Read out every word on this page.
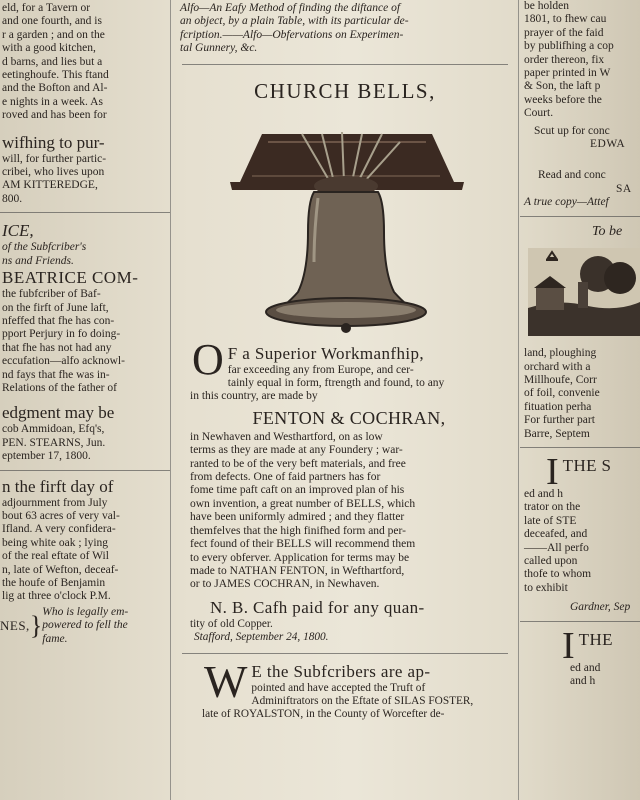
eld, for a Tavern or
and one fourth, and is
r a garden ; and on the
with a good kitchen,
d barns, and lies but a
eetinghoufe. This ftand
and the Bofton and Al-
e nights in a week. As
roved and has been for
wifhing to pur-
will, for further partic-
cribei, who lives upon
AM KITTEREDGE,
800.
ICE,
of the Subfcriber's
ns and Friends.
BEATRICE COM-
the fubfcriber of Baf-
on the firft of June laft,
nfeffed that fhe has con-
pport Perjury in fo doing-
that fhe has not had any
eccufation—alfo acknowl-
nd fays that fhe was in-
Relations of the father of
edgment may be
cob Ammidoan, Efq's,
PEN. STEARNS, Jun.
eptember 17, 1800.
n the firft day of
adjournment from July
bout 63 acres of very val-
Ifland. A very confidera-
being white oak ; lying
of the real eftate of Wil
n, late of Wefton, deceaf-
the houfe of Benjamin
lig at three o'clock P.M.
NES, } Who is legally em-
powered to fell the
fame.
Alfo—An Eafy Method of finding the diftance of
an object, by a plain Table, with its particular de-
fcription.——Alfo—Obfervations on Experimen-
tal Gunnery, &c.
CHURCH BELLS,
O F a Superior Workmanfhip,
far exceeding any from Europe, and cer-
tainly equal in form, ftrength and found, to any
in this country, are made by
FENTON & COCHRAN,
in Newhaven and Westhartford, on as low
terms as they are made at any Foundery ; war-
ranted to be of the very beft materials, and free
from defects. One of faid partners has for
fome time paft caft on an improved plan of his
own invention, a great number of BELLS, which
have been uniformly admired ; and they flatter
themfelves that the high finifhed form and per-
fect found of their BELLS will recommend them
to every obferver. Application for terms may be
made to NATHAN FENTON, in Wefthartford,
or to JAMES COCHRAN, in Newhaven.
N. B. Cafh paid for any quan-
tity of old Copper.
Stafford, September 24, 1800.
W E the Subfcribers are ap-
pointed and have accepted the Truft of
Adminiftrators on the Eftate of SILAS FOSTER,
late of ROYALSTON, in the County of Worcefter de-
be holden
1801, to fhew cau
prayer of the faid
by publifhing a cop
order thereon, fix
paper printed in W
& Son, the laft p
weeks before the
Court.
Scut up for conc
EDWA
Read and conc
SA
A true copy—Attef
To be
land, ploughing
orchard with a
Millhoufe, Corr
of foil, convenie
fituation perha
For further part
Barre, Septem
I THE S
ed and h
trator on the
late of STE
deceafed, and
——All perfo
called upon
thofe to whom
to exhibit
Gardner, Sep
I THE
ed and
and h
